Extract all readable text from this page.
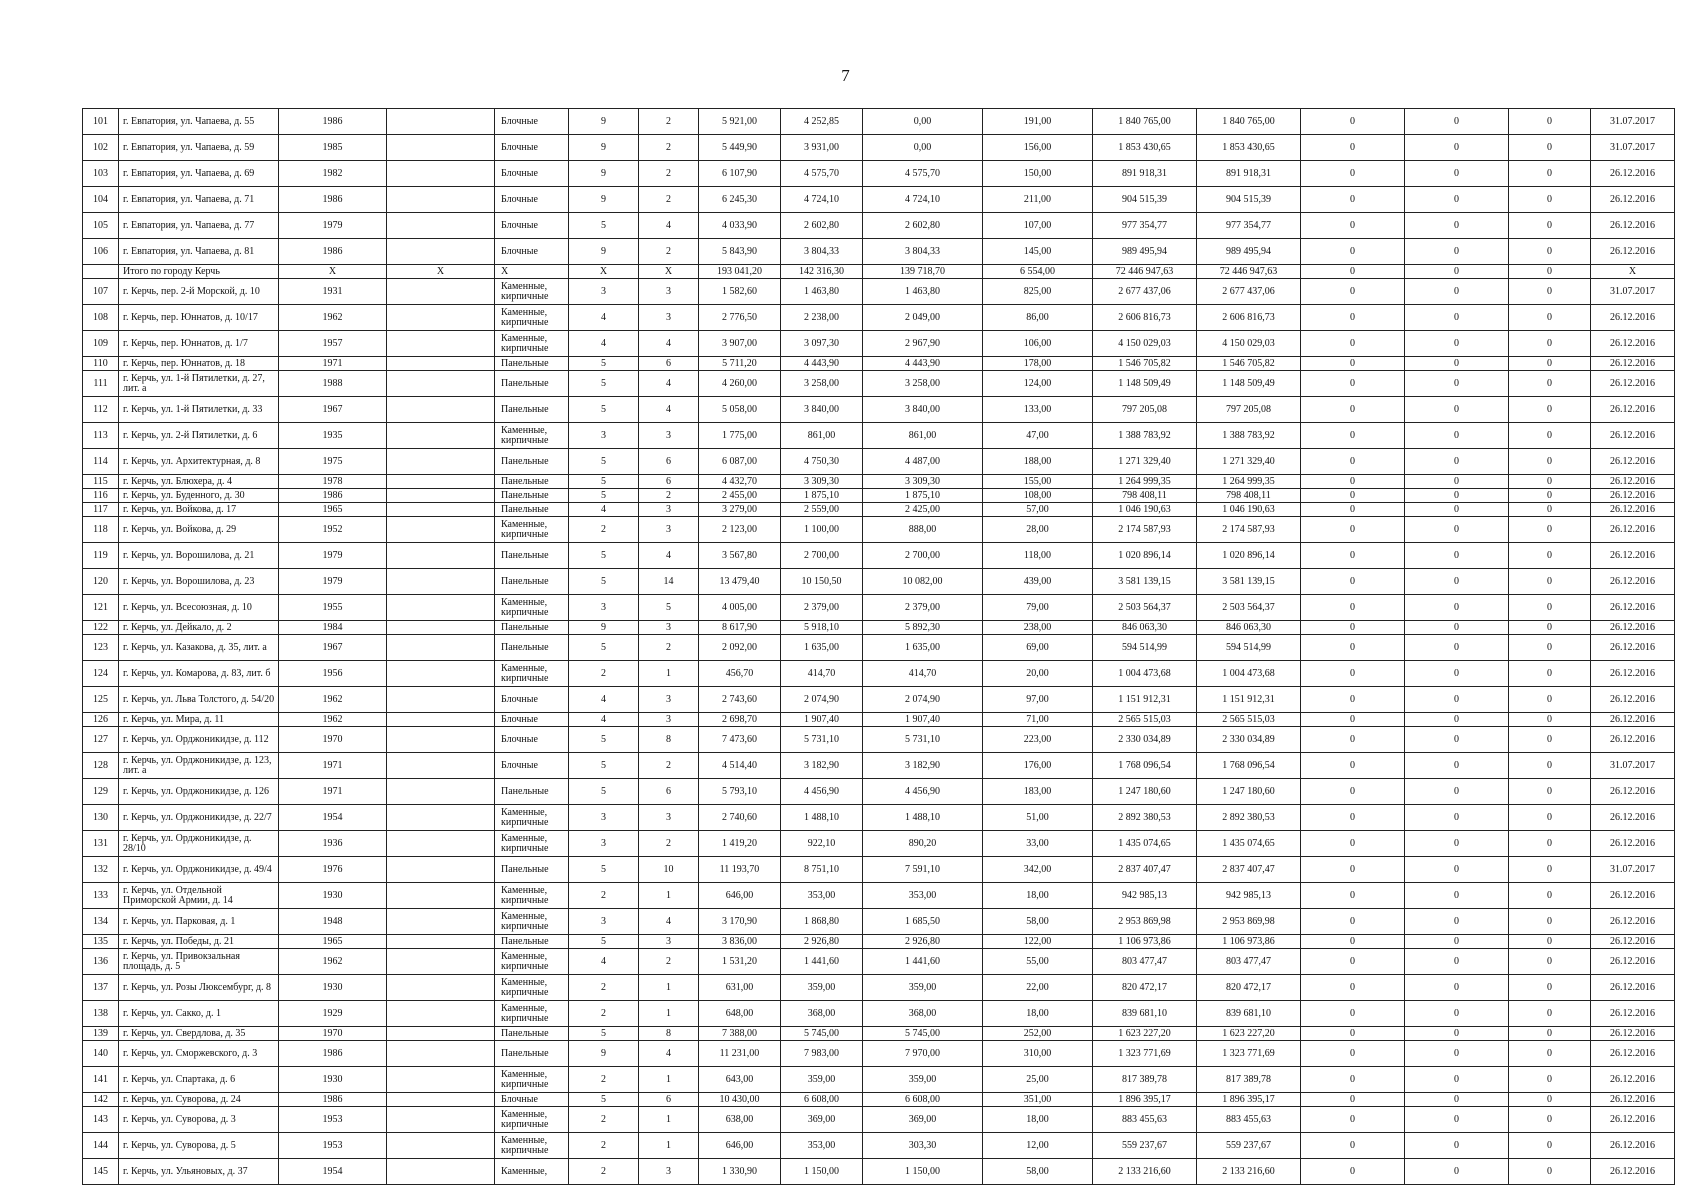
7
101	г. Евпатория, ул. Чапаева, д. 55	1986		Блочные	9	2	5 921,00	4 252,85	0,00	191,00	1 840 765,00	1 840 765,00	0	0	0	31.07.2017
102	г. Евпатория, ул. Чапаева, д. 59	1985		Блочные	9	2	5 449,90	3 931,00	0,00	156,00	1 853 430,65	1 853 430,65	0	0	0	31.07.2017
103	г. Евпатория, ул. Чапаева, д. 69	1982		Блочные	9	2	6 107,90	4 575,70	4 575,70	150,00	891 918,31	891 918,31	0	0	0	26.12.2016
104	г. Евпатория, ул. Чапаева, д. 71	1986		Блочные	9	2	6 245,30	4 724,10	4 724,10	211,00	904 515,39	904 515,39	0	0	0	26.12.2016
105	г. Евпатория, ул. Чапаева, д. 77	1979		Блочные	5	4	4 033,90	2 602,80	2 602,80	107,00	977 354,77	977 354,77	0	0	0	26.12.2016
106	г. Евпатория, ул. Чапаева, д. 81	1986		Блочные	9	2	5 843,90	3 804,33	3 804,33	145,00	989 495,94	989 495,94	0	0	0	26.12.2016
	Итого по городу Керчь	X	X	X	X	X	193 041,20	142 316,30	139 718,70	6 554,00	72 446 947,63	72 446 947,63	0	0	0	X
107	г. Керчь, пер. 2-й Морской, д. 10	1931		Каменные, кирпичные	3	3	1 582,60	1 463,80	1 463,80	825,00	2 677 437,06	2 677 437,06	0	0	0	31.07.2017
108	г. Керчь, пер. Юннатов, д. 10/17	1962		Каменные, кирпичные	4	3	2 776,50	2 238,00	2 049,00	86,00	2 606 816,73	2 606 816,73	0	0	0	26.12.2016
109	г. Керчь, пер. Юннатов, д. 1/7	1957		Каменные, кирпичные	4	4	3 907,00	3 097,30	2 967,90	106,00	4 150 029,03	4 150 029,03	0	0	0	26.12.2016
110	г. Керчь, пер. Юннатов, д. 18	1971		Панельные	5	6	5 711,20	4 443,90	4 443,90	178,00	1 546 705,82	1 546 705,82	0	0	0	26.12.2016
111	г. Керчь, ул. 1-й Пятилетки, д. 27, лит. а	1988		Панельные	5	4	4 260,00	3 258,00	3 258,00	124,00	1 148 509,49	1 148 509,49	0	0	0	26.12.2016
112	г. Керчь, ул. 1-й Пятилетки, д. 33	1967		Панельные	5	4	5 058,00	3 840,00	3 840,00	133,00	797 205,08	797 205,08	0	0	0	26.12.2016
113	г. Керчь, ул. 2-й Пятилетки, д. 6	1935		Каменные, кирпичные	3	3	1 775,00	861,00	861,00	47,00	1 388 783,92	1 388 783,92	0	0	0	26.12.2016
114	г. Керчь, ул. Архитектурная, д. 8	1975		Панельные	5	6	6 087,00	4 750,30	4 487,00	188,00	1 271 329,40	1 271 329,40	0	0	0	26.12.2016
115	г. Керчь, ул. Блюхера, д. 4	1978		Панельные	5	6	4 432,70	3 309,30	3 309,30	155,00	1 264 999,35	1 264 999,35	0	0	0	26.12.2016
116	г. Керчь, ул. Буденного, д. 30	1986		Панельные	5	2	2 455,00	1 875,10	1 875,10	108,00	798 408,11	798 408,11	0	0	0	26.12.2016
117	г. Керчь, ул. Войкова, д. 17	1965		Панельные	4	3	3 279,00	2 559,00	2 425,00	57,00	1 046 190,63	1 046 190,63	0	0	0	26.12.2016
118	г. Керчь, ул. Войкова, д. 29	1952		Каменные, кирпичные	2	3	2 123,00	1 100,00	888,00	28,00	2 174 587,93	2 174 587,93	0	0	0	26.12.2016
119	г. Керчь, ул. Ворошилова, д. 21	1979		Панельные	5	4	3 567,80	2 700,00	2 700,00	118,00	1 020 896,14	1 020 896,14	0	0	0	26.12.2016
120	г. Керчь, ул. Ворошилова, д. 23	1979		Панельные	5	14	13 479,40	10 150,50	10 082,00	439,00	3 581 139,15	3 581 139,15	0	0	0	26.12.2016
121	г. Керчь, ул. Всесоюзная, д. 10	1955		Каменные, кирпичные	3	5	4 005,00	2 379,00	2 379,00	79,00	2 503 564,37	2 503 564,37	0	0	0	26.12.2016
122	г. Керчь, ул. Дейкало, д. 2	1984		Панельные	9	3	8 617,90	5 918,10	5 892,30	238,00	846 063,30	846 063,30	0	0	0	26.12.2016
123	г. Керчь, ул. Казакова, д. 35, лит. а	1967		Панельные	5	2	2 092,00	1 635,00	1 635,00	69,00	594 514,99	594 514,99	0	0	0	26.12.2016
124	г. Керчь, ул. Комарова, д. 83, лит. б	1956		Каменные, кирпичные	2	1	456,70	414,70	414,70	20,00	1 004 473,68	1 004 473,68	0	0	0	26.12.2016
125	г. Керчь, ул. Льва Толстого, д. 54/20	1962		Блочные	4	3	2 743,60	2 074,90	2 074,90	97,00	1 151 912,31	1 151 912,31	0	0	0	26.12.2016
126	г. Керчь, ул. Мира, д. 11	1962		Блочные	4	3	2 698,70	1 907,40	1 907,40	71,00	2 565 515,03	2 565 515,03	0	0	0	26.12.2016
127	г. Керчь, ул. Орджоникидзе, д. 112	1970		Блочные	5	8	7 473,60	5 731,10	5 731,10	223,00	2 330 034,89	2 330 034,89	0	0	0	26.12.2016
128	г. Керчь, ул. Орджоникидзе, д. 123, лит. а	1971		Блочные	5	2	4 514,40	3 182,90	3 182,90	176,00	1 768 096,54	1 768 096,54	0	0	0	31.07.2017
129	г. Керчь, ул. Орджоникидзе, д. 126	1971		Панельные	5	6	5 793,10	4 456,90	4 456,90	183,00	1 247 180,60	1 247 180,60	0	0	0	26.12.2016
130	г. Керчь, ул. Орджоникидзе, д. 22/7	1954		Каменные, кирпичные	3	3	2 740,60	1 488,10	1 488,10	51,00	2 892 380,53	2 892 380,53	0	0	0	26.12.2016
131	г. Керчь, ул. Орджоникидзе, д. 28/10	1936		Каменные, кирпичные	3	2	1 419,20	922,10	890,20	33,00	1 435 074,65	1 435 074,65	0	0	0	26.12.2016
132	г. Керчь, ул. Орджоникидзе, д. 49/4	1976		Панельные	5	10	11 193,70	8 751,10	7 591,10	342,00	2 837 407,47	2 837 407,47	0	0	0	31.07.2017
133	г. Керчь, ул. Отдельной Приморской Армии, д. 14	1930		Каменные, кирпичные	2	1	646,00	353,00	353,00	18,00	942 985,13	942 985,13	0	0	0	26.12.2016
134	г. Керчь, ул. Парковая, д. 1	1948		Каменные, кирпичные	3	4	3 170,90	1 868,80	1 685,50	58,00	2 953 869,98	2 953 869,98	0	0	0	26.12.2016
135	г. Керчь, ул. Победы, д. 21	1965		Панельные	5	3	3 836,00	2 926,80	2 926,80	122,00	1 106 973,86	1 106 973,86	0	0	0	26.12.2016
136	г. Керчь, ул. Привокзальная площадь, д. 5	1962		Каменные, кирпичные	4	2	1 531,20	1 441,60	1 441,60	55,00	803 477,47	803 477,47	0	0	0	26.12.2016
137	г. Керчь, ул. Розы Люксембург, д. 8	1930		Каменные, кирпичные	2	1	631,00	359,00	359,00	22,00	820 472,17	820 472,17	0	0	0	26.12.2016
138	г. Керчь, ул. Сакко, д. 1	1929		Каменные, кирпичные	2	1	648,00	368,00	368,00	18,00	839 681,10	839 681,10	0	0	0	26.12.2016
139	г. Керчь, ул. Свердлова, д. 35	1970		Панельные	5	8	7 388,00	5 745,00	5 745,00	252,00	1 623 227,20	1 623 227,20	0	0	0	26.12.2016
140	г. Керчь, ул. Сморжевского, д. 3	1986		Панельные	9	4	11 231,00	7 983,00	7 970,00	310,00	1 323 771,69	1 323 771,69	0	0	0	26.12.2016
141	г. Керчь, ул. Спартака, д. 6	1930		Каменные, кирпичные	2	1	643,00	359,00	359,00	25,00	817 389,78	817 389,78	0	0	0	26.12.2016
142	г. Керчь, ул. Суворова, д. 24	1986		Блочные	5	6	10 430,00	6 608,00	6 608,00	351,00	1 896 395,17	1 896 395,17	0	0	0	26.12.2016
143	г. Керчь, ул. Суворова, д. 3	1953		Каменные, кирпичные	2	1	638,00	369,00	369,00	18,00	883 455,63	883 455,63	0	0	0	26.12.2016
144	г. Керчь, ул. Суворова, д. 5	1953		Каменные, кирпичные	2	1	646,00	353,00	303,30	12,00	559 237,67	559 237,67	0	0	0	26.12.2016
145	г. Керчь, ул. Ульяновых, д. 37	1954		Каменные,	2	3	1 330,90	1 150,00	1 150,00	58,00	2 133 216,60	2 133 216,60	0	0	0	26.12.2016
